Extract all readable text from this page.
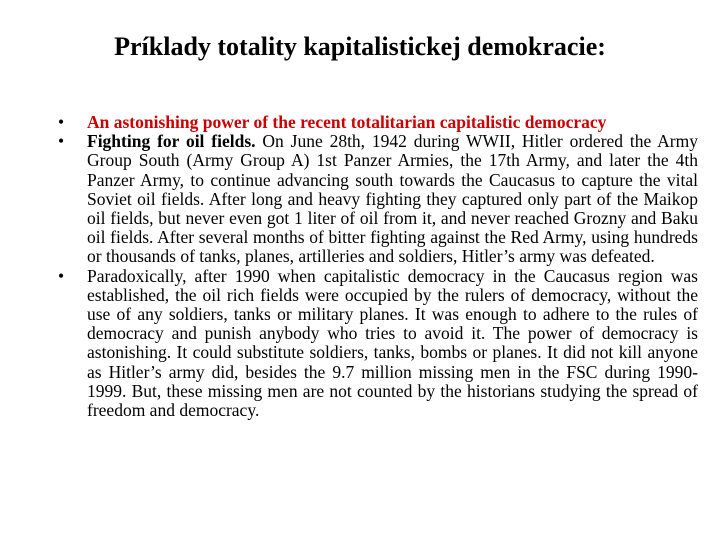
Príklady totality kapitalistickej demokracie:
•	An astonishing power of the recent totalitarian capitalistic democracy
•	Fighting for oil fields. On June 28th, 1942 during WWII, Hitler ordered the Army Group South (Army Group A) 1st Panzer Armies, the 17th Army, and later the 4th Panzer Army, to continue advancing south towards the Caucasus to capture the vital Soviet oil fields. After long and heavy fighting they captured only part of the Maikop oil fields, but never even got 1 liter of oil from it, and never reached Grozny and Baku oil fields. After several months of bitter fighting against the Red Army, using hundreds or thousands of tanks, planes, artilleries and soldiers, Hitler’s army was defeated.
•	Paradoxically, after 1990 when capitalistic democracy in the Caucasus region was established, the oil rich fields were occupied by the rulers of democracy, without the use of any soldiers, tanks or military planes. It was enough to adhere to the rules of democracy and punish anybody who tries to avoid it. The power of democracy is astonishing. It could substitute soldiers, tanks, bombs or planes. It did not kill anyone as Hitler’s army did, besides the 9.7 million missing men in the FSC during 1990-1999. But, these missing men are not counted by the historians studying the spread of freedom and democracy.
